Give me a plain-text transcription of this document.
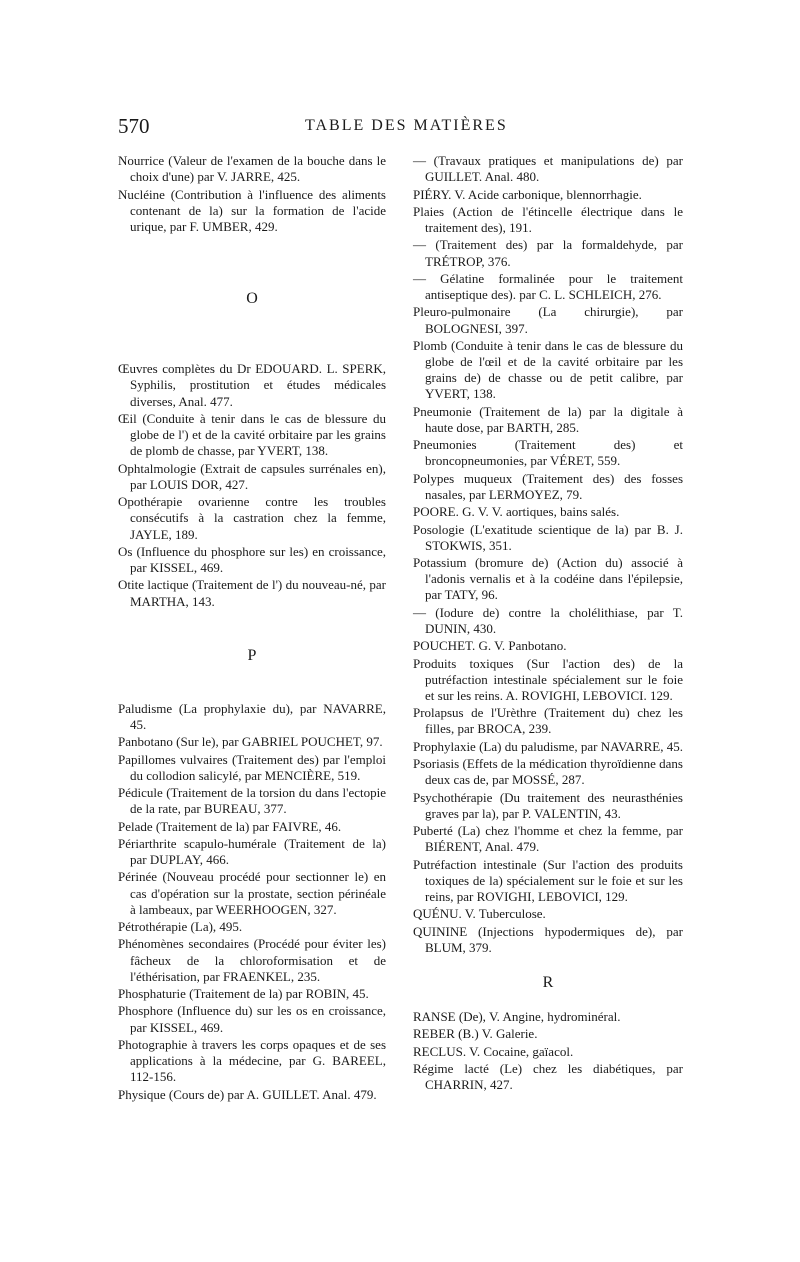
570	TABLE DES MATIÈRES

Nourrice (Valeur de l'examen de la bouche dans le choix d'une) par V. JARRE, 425.

Nucléine (Contribution à l'influence des aliments contenant de la) sur la formation de l'acide urique, par F. UMBER, 429.

O

Œuvres complètes du Dr EDOUARD. L. SPERK, Syphilis, prostitution et études médicales diverses, Anal. 477.

Œil (Conduite à tenir dans le cas de blessure du globe de l') et de la cavité orbitaire par les grains de plomb de chasse, par YVERT, 138.

Ophtalmologie (Extrait de capsules surrénales en), par LOUIS DOR, 427.

Opothérapie ovarienne contre les troubles consécutifs à la castration chez la femme, JAYLE, 189.

Os (Influence du phosphore sur les) en croissance, par KISSEL, 469.

Otite lactique (Traitement de l') du nouveau-né, par MARTHA, 143.

P

Paludisme (La prophylaxie du), par NAVARRE, 45.

Panbotano (Sur le), par GABRIEL POUCHET, 97.

Papillomes vulvaires (Traitement des) par l'emploi du collodion salicylé, par MENCIÈRE, 519.

Pédicule (Traitement de la torsion du dans l'ectopie de la rate, par BUREAU, 377.

Pelade (Traitement de la) par FAIVRE, 46.

Périarthrite scapulo-humérale (Traitement de la) par DUPLAY, 466.

Périnée (Nouveau procédé pour sectionner le) en cas d'opération sur la prostate, section périnéale à lambeaux, par WEERHOOGEN, 327.

Pétrothérapie (La), 495.

Phénomènes secondaires (Procédé pour éviter les) fâcheux de la chloroformisation et de l'éthérisation, par FRAENKEL, 235.

Phosphaturie (Traitement de la) par ROBIN, 45.

Phosphore (Influence du) sur les os en croissance, par KISSEL, 469.

Photographie à travers les corps opaques et de ses applications à la médecine, par G. BAREEL, 112-156.

Physique (Cours de) par A. GUILLET. Anal. 479.

— (Travaux pratiques et manipulations de) par GUILLET. Anal. 480.

PIÉRY. V. Acide carbonique, blennorrhagie.

Plaies (Action de l'étincelle électrique dans le traitement des), 191.

— (Traitement des) par la formaldehyde, par TRÉTROP, 376.

— Gélatine formalinée pour le traitement antiseptique des). par C. L. SCHLEICH, 276.

Pleuro-pulmonaire (La chirurgie), par BOLOGNESI, 397.

Plomb (Conduite à tenir dans le cas de blessure du globe de l'œil et de la cavité orbitaire par les grains de) de chasse ou de petit calibre, par YVERT, 138.

Pneumonie (Traitement de la) par la digitale à haute dose, par BARTH, 285.

Pneumonies (Traitement des) et broncopneumonies, par VÉRET, 559.

Polypes muqueux (Traitement des) des fosses nasales, par LERMOYEZ, 79.

POORE. G. V. V. aortiques, bains salés.

Posologie (L'exatitude scientique de la) par B. J. STOKWIS, 351.

Potassium (bromure de) (Action du) associé à l'adonis vernalis et à la codéine dans l'épilepsie, par TATY, 96.

— (Iodure de) contre la cholélithiase, par T. DUNIN, 430.

POUCHET. G. V. Panbotano.

Produits toxiques (Sur l'action des) de la putréfaction intestinale spécialement sur le foie et sur les reins. A. ROVIGHI, LEBOVICI. 129.

Prolapsus de l'Urèthre (Traitement du) chez les filles, par BROCA, 239.

Prophylaxie (La) du paludisme, par NAVARRE, 45.

Psoriasis (Effets de la médication thyroïdienne dans deux cas de, par MOSSÉ, 287.

Psychothérapie (Du traitement des neurasthénies graves par la), par P. VALENTIN, 43.

Puberté (La) chez l'homme et chez la femme, par BIÉRENT, Anal. 479.

Putréfaction intestinale (Sur l'action des produits toxiques de la) spécialement sur le foie et sur les reins, par ROVIGHI, LEBOVICI, 129.

QUÉNU. V. Tuberculose.

QUININE (Injections hypodermiques de), par BLUM, 379.

R

RANSE (De), V. Angine, hydrominéral.

REBER (B.) V. Galerie.

RECLUS. V. Cocaine, gaïacol.

Régime lacté (Le) chez les diabétiques, par CHARRIN, 427.
